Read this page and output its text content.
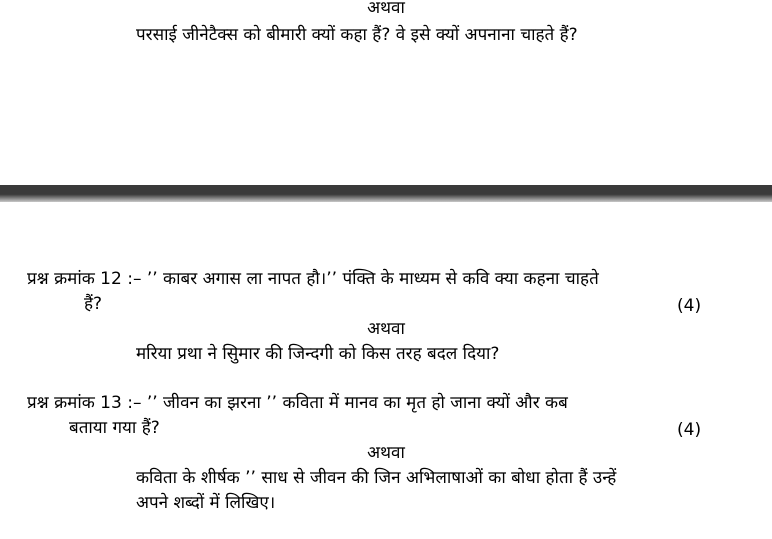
अथवा
परसाई जीनेटैक्स को बीमारी क्यों कहा हैं? वे इसे क्यों अपनाना चाहते हैं?
प्रश्न क्रमांक 12 :– ’’ काबर अगास ला नापत हौ।’’ पंक्ति के माध्यम से कवि क्या कहना चाहते
हैं?	(4)
अथवा
मरिया प्रथा ने सिुमार की जिन्दगी को किस तरह बदल दिया?
प्रश्न क्रमांक 13 :– ’’ जीवन का झरना ’’ कविता में मानव का मृत हो जाना क्यों और कब
बताया गया हैं?	(4)
अथवा
कविता के शीर्षक ’’ साध से जीवन की जिन अभिलाषाओं का बोधा होता हैं उन्हें
अपने शब्दों में लिखिए।
